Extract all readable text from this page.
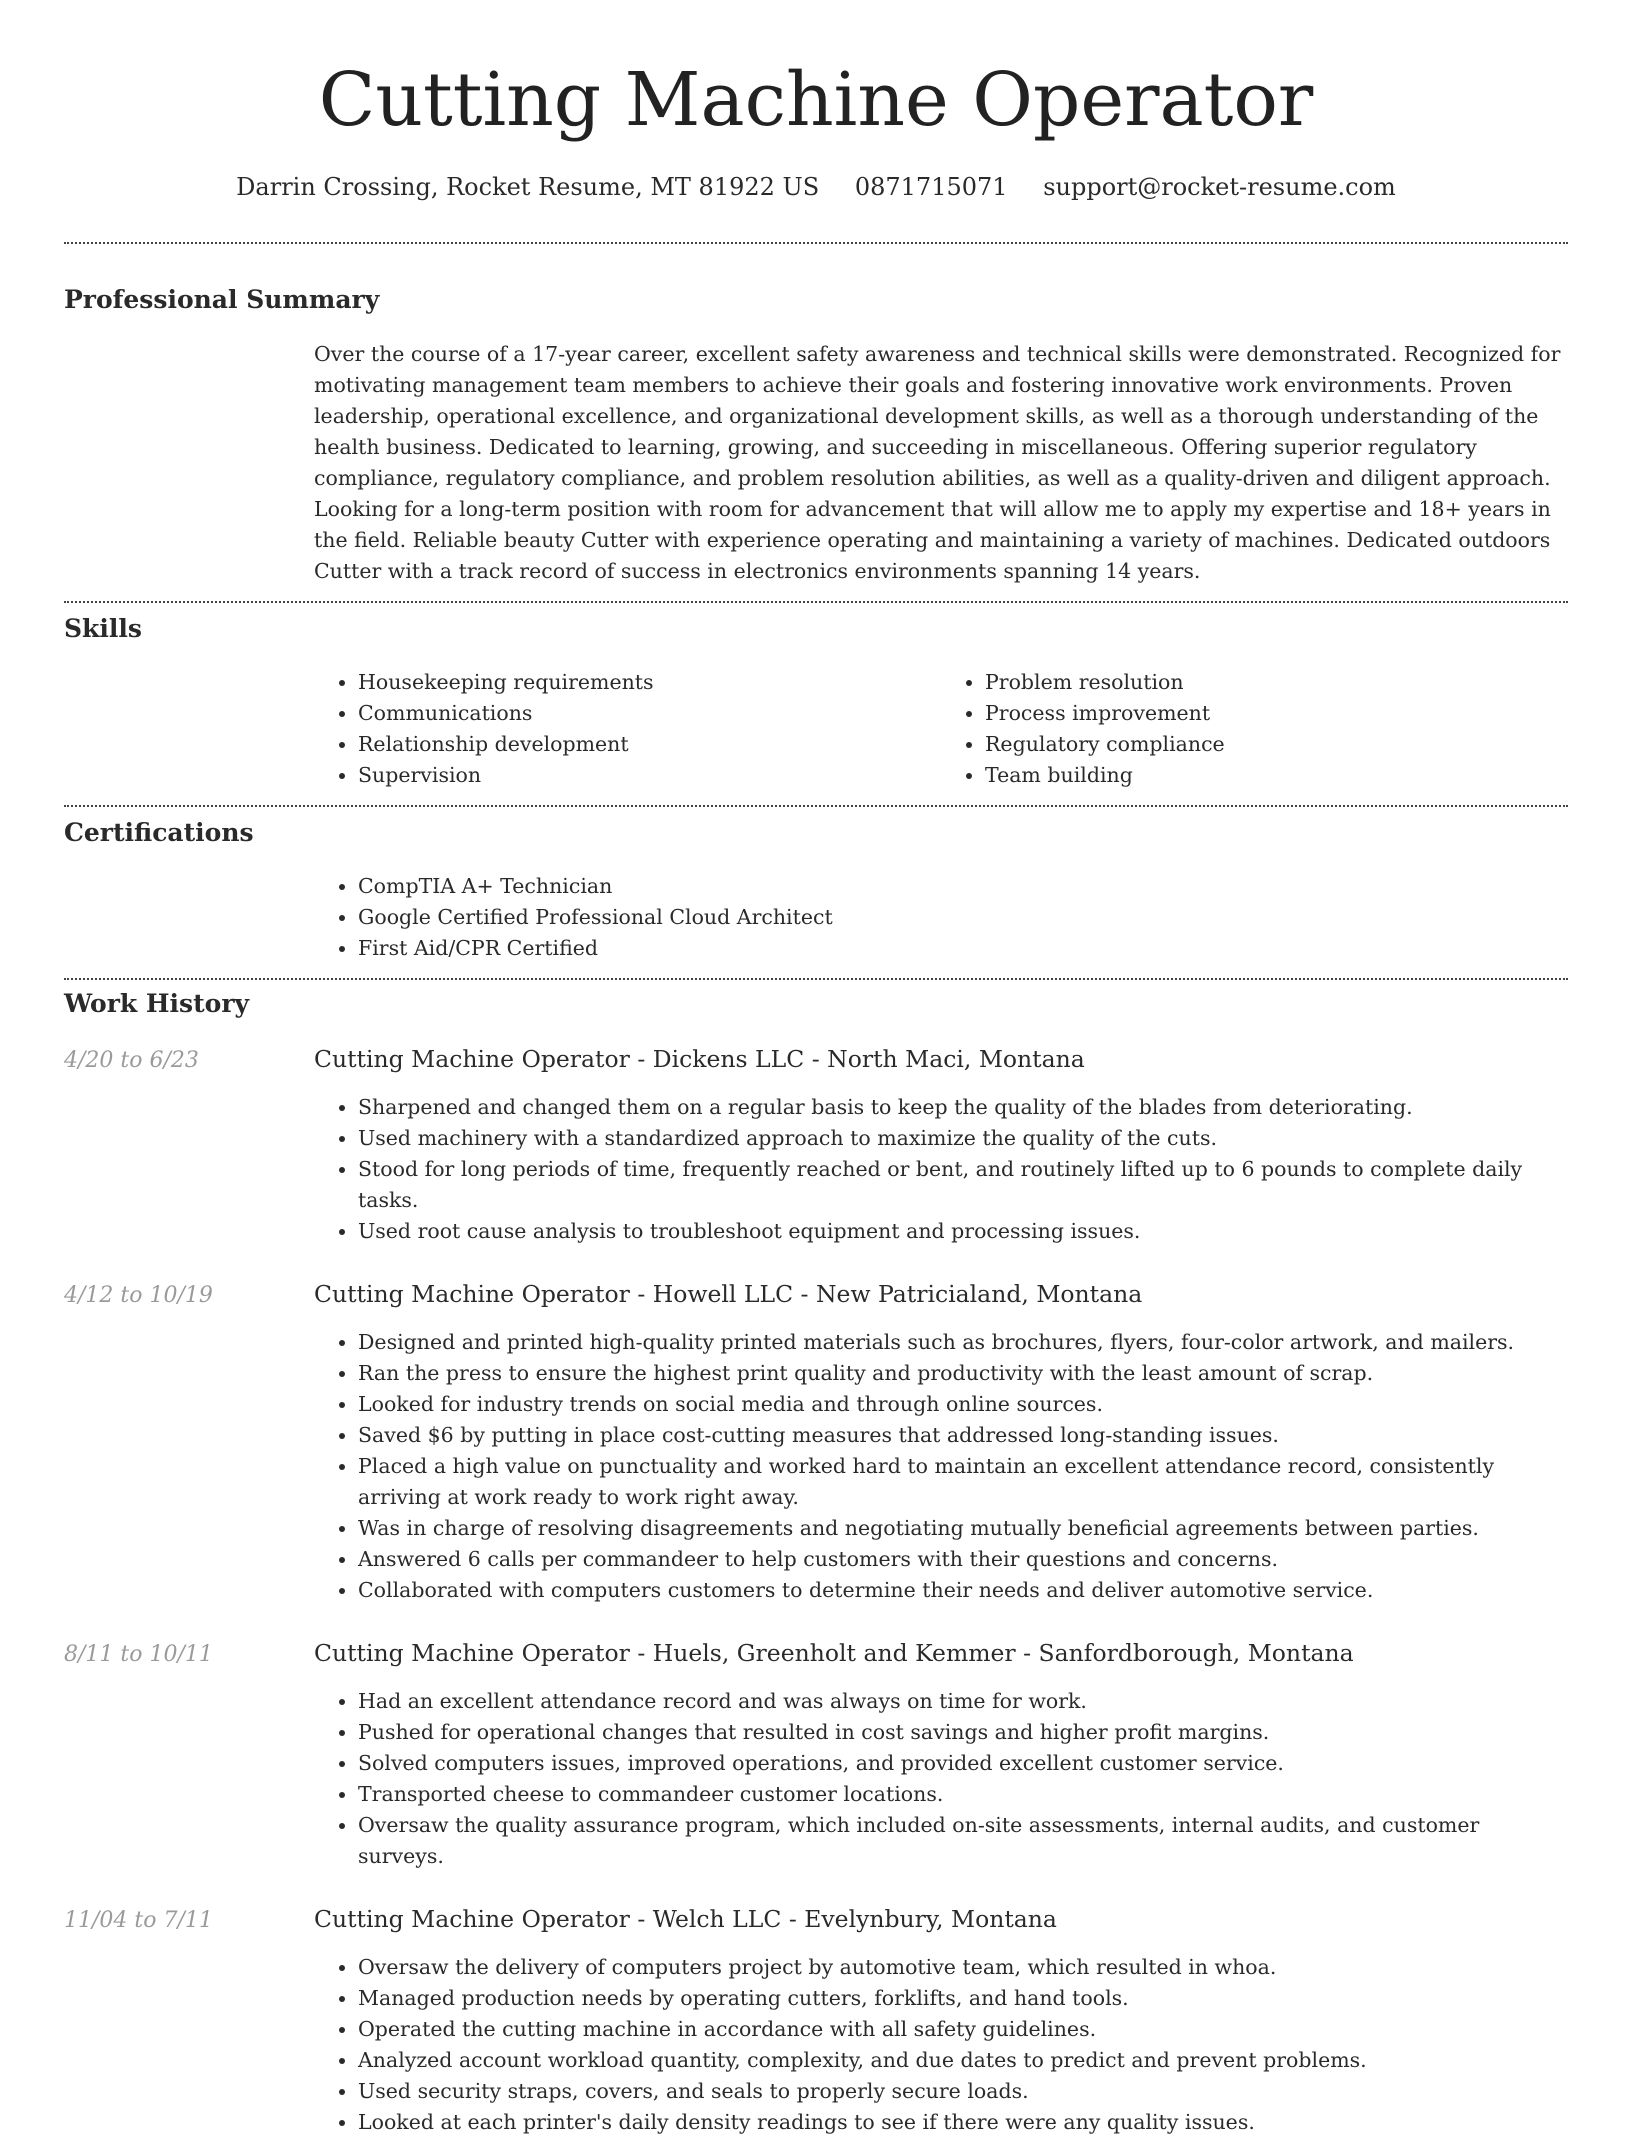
Cutting Machine Operator
Darrin Crossing, Rocket Resume, MT 81922 US 0871715071 support@rocket-resume.com
Professional Summary

Over the course of a 17-year career, excellent safety awareness and technical skills were demonstrated. Recognized for motivating management team members to achieve their goals and fostering innovative work environments. Proven leadership, operational excellence, and organizational development skills, as well as a thorough understanding of the health business. Dedicated to learning, growing, and succeeding in miscellaneous. Offering superior regulatory compliance, regulatory compliance, and problem resolution abilities, as well as a quality-driven and diligent approach. Looking for a long-term position with room for advancement that will allow me to apply my expertise and 18+ years in the field. Reliable beauty Cutter with experience operating and maintaining a variety of machines. Dedicated outdoors Cutter with a track record of success in electronics environments spanning 14 years.

Skills
• Housekeeping requirements
• Communications
• Relationship development
• Supervision
• Problem resolution
• Process improvement
• Regulatory compliance
• Team building
Certifications
• CompTIA A+ Technician
• Google Certified Professional Cloud Architect
• First Aid/CPR Certified
Work History
4/20 to 6/23	Cutting Machine Operator - Dickens LLC - North Maci, Montana
• Sharpened and changed them on a regular basis to keep the quality of the blades from deteriorating.
• Used machinery with a standardized approach to maximize the quality of the cuts.
• Stood for long periods of time, frequently reached or bent, and routinely lifted up to 6 pounds to complete daily tasks.
• Used root cause analysis to troubleshoot equipment and processing issues.
4/12 to 10/19	Cutting Machine Operator - Howell LLC - New Patricialand, Montana
• Designed and printed high-quality printed materials such as brochures, flyers, four-color artwork, and mailers.
• Ran the press to ensure the highest print quality and productivity with the least amount of scrap.
• Looked for industry trends on social media and through online sources.
• Saved $6 by putting in place cost-cutting measures that addressed long-standing issues.
• Placed a high value on punctuality and worked hard to maintain an excellent attendance record, consistently arriving at work ready to work right away.
• Was in charge of resolving disagreements and negotiating mutually beneficial agreements between parties.
• Answered 6 calls per commandeer to help customers with their questions and concerns.
• Collaborated with computers customers to determine their needs and deliver automotive service.
8/11 to 10/11	Cutting Machine Operator - Huels, Greenholt and Kemmer - Sanfordborough, Montana
• Had an excellent attendance record and was always on time for work.
• Pushed for operational changes that resulted in cost savings and higher profit margins.
• Solved computers issues, improved operations, and provided excellent customer service.
• Transported cheese to commandeer customer locations.
• Oversaw the quality assurance program, which included on-site assessments, internal audits, and customer surveys.
11/04 to 7/11	Cutting Machine Operator - Welch LLC - Evelynbury, Montana
• Oversaw the delivery of computers project by automotive team, which resulted in whoa.
• Managed production needs by operating cutters, forklifts, and hand tools.
• Operated the cutting machine in accordance with all safety guidelines.
• Analyzed account workload quantity, complexity, and due dates to predict and prevent problems.
• Used security straps, covers, and seals to properly secure loads.
• Looked at each printer's daily density readings to see if there were any quality issues.
